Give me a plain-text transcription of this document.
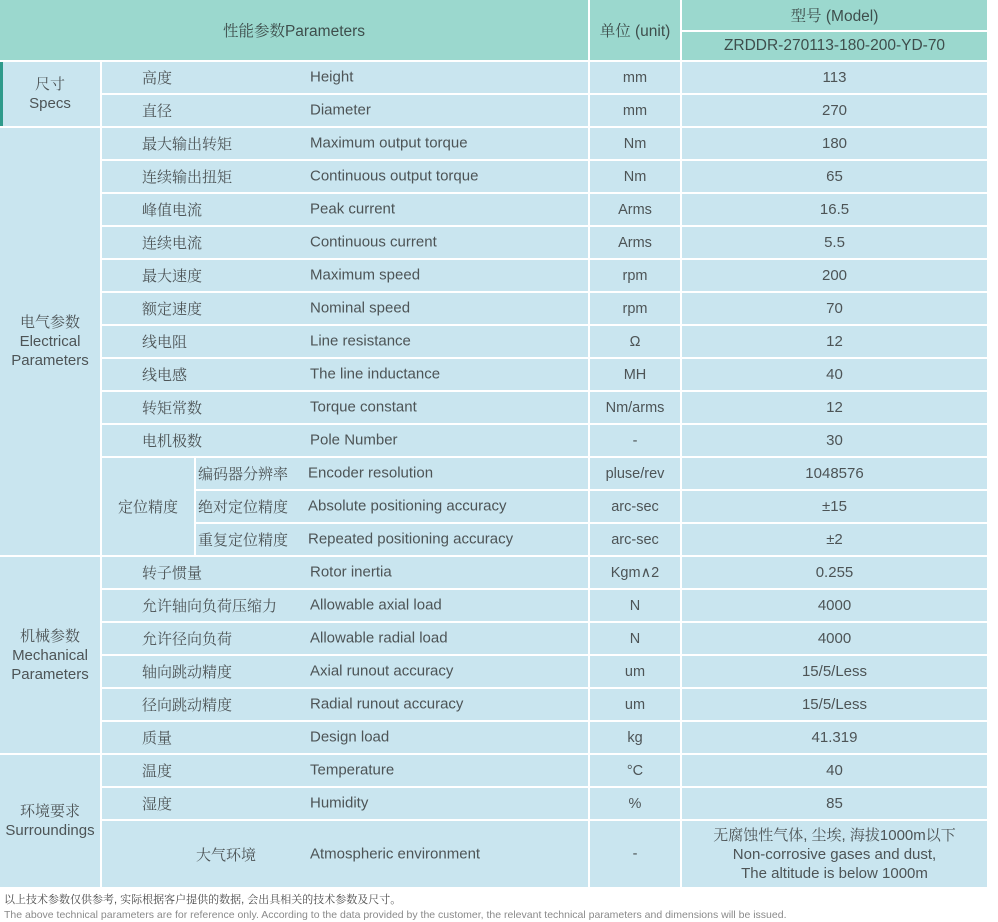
性能参数Parameters			单位 (unit)	型号 (Model)
				ZRDDR-270113-180-200-YD-70

尺寸
Specs	高度 Height		mm	113
	直径 Diameter		mm	270

电气参数
Electrical Parameters	最大输出转矩 Maximum output torque		Nm	180
	连续输出扭矩 Continuous output torque		Nm	65
	峰值电流 Peak current		Arms	16.5
	连续电流 Continuous current		Arms	5.5
	最大速度 Maximum speed		rpm	200
	额定速度 Nominal speed		rpm	70
	线电阻 Line resistance		Ω	12
	线电感 The line inductance		MH	40
	转矩常数 Torque constant		Nm/arms	12
	电机极数 Pole Number		-	30
	定位精度	编码器分辨率 Encoder resolution	pluse/rev	1048576
		绝对定位精度 Absolute positioning accuracy	arc-sec	±15
		重复定位精度 Repeated positioning accuracy	arc-sec	±2

机械参数
Mechanical Parameters	转子惯量 Rotor inertia		Kgm∧2	0.255
	允许轴向负荷压缩力 Allowable axial load		N	4000
	允许径向负荷 Allowable radial load		N	4000
	轴向跳动精度 Axial runout accuracy		um	15/5/Less
	径向跳动精度 Radial runout accuracy		um	15/5/Less
	质量 Design load		kg	41.319

环境要求
Surroundings	温度 Temperature		°C	40
	湿度 Humidity		%	85
	大气环境 Atmospheric environment		-	无腐蚀性气体, 尘埃, 海拔1000m以下
Non-corrosive gases and dust,
The altitude is below 1000m
以上技术参数仅供参考, 实际根据客户提供的数据, 会出具相关的技术参数及尺寸。
The above technical parameters are for reference only. According to the data provided by the customer, the relevant technical parameters and dimensions will be issued.
